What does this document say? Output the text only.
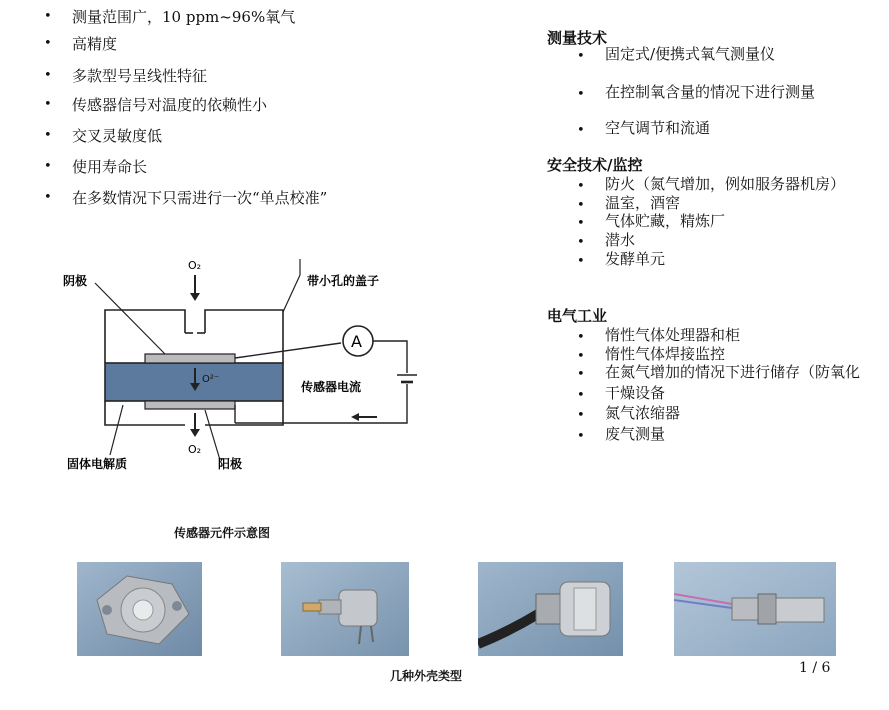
• 测量范围广，10 ppm~96%氧气
• 高精度
• 多款型号呈线性特征
• 传感器信号对温度的依赖性小
• 交叉灵敏度低
• 使用寿命长
• 在多数情况下只需进行一次“单点校准”
测量技术
• 固定式/便携式氧气测量仪
• 在控制氧含量的情况下进行测量
• 空气调节和流通
安全技术/监控
• 防火（氮气增加，例如服务器机房）
• 温室，酒窖
• 气体贮藏，精炼厂
• 潜水
• 发酵单元
电气工业
• 惰性气体处理器和柜
• 惰性气体焊接监控
• 在氮气增加的情况下进行储存（防氧化
• 干燥设备
• 氮气浓缩器
• 废气测量
O₂
O²⁻
O₂
A
阴极	带小孔的盖子
传感器电流
固体电解质	阳极
传感器元件示意图
几种外壳类型	1 / 6
